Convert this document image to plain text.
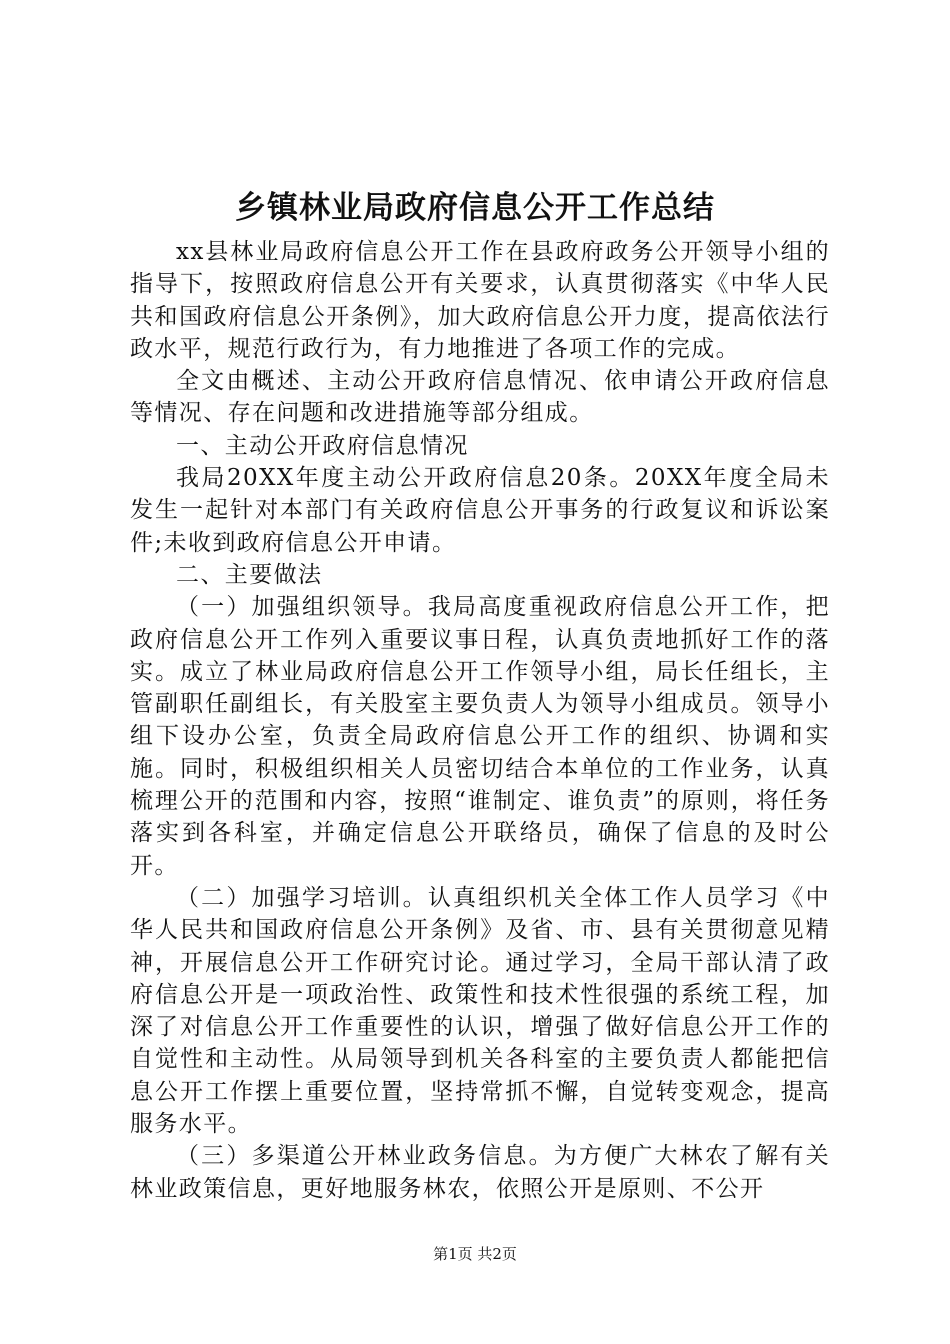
乡镇林业局政府信息公开工作总结

xx县林业局政府信息公开工作在县政府政务公开领导小组的指导下，按照政府信息公开有关要求，认真贯彻落实《中华人民共和国政府信息公开条例》，加大政府信息公开力度，提高依法行政水平，规范行政行为，有力地推进了各项工作的完成。

全文由概述、主动公开政府信息情况、依申请公开政府信息等情况、存在问题和改进措施等部分组成。

一、主动公开政府信息情况

我局20XX年度主动公开政府信息20条。20XX年度全局未发生一起针对本部门有关政府信息公开事务的行政复议和诉讼案件;未收到政府信息公开申请。

二、主要做法

（一）加强组织领导。我局高度重视政府信息公开工作，把政府信息公开工作列入重要议事日程，认真负责地抓好工作的落实。成立了林业局政府信息公开工作领导小组，局长任组长，主管副职任副组长，有关股室主要负责人为领导小组成员。领导小组下设办公室，负责全局政府信息公开工作的组织、协调和实施。同时，积极组织相关人员密切结合本单位的工作业务，认真梳理公开的范围和内容，按照“谁制定、谁负责”的原则，将任务落实到各科室，并确定信息公开联络员，确保了信息的及时公开。

（二）加强学习培训。认真组织机关全体工作人员学习《中华人民共和国政府信息公开条例》及省、市、县有关贯彻意见精神，开展信息公开工作研究讨论。通过学习，全局干部认清了政府信息公开是一项政治性、政策性和技术性很强的系统工程，加深了对信息公开工作重要性的认识，增强了做好信息公开工作的自觉性和主动性。从局领导到机关各科室的主要负责人都能把信息公开工作摆上重要位置，坚持常抓不懈，自觉转变观念，提高服务水平。

（三）多渠道公开林业政务信息。为方便广大林农了解有关林业政策信息，更好地服务林农，依照公开是原则、不公开

第1页 共2页
